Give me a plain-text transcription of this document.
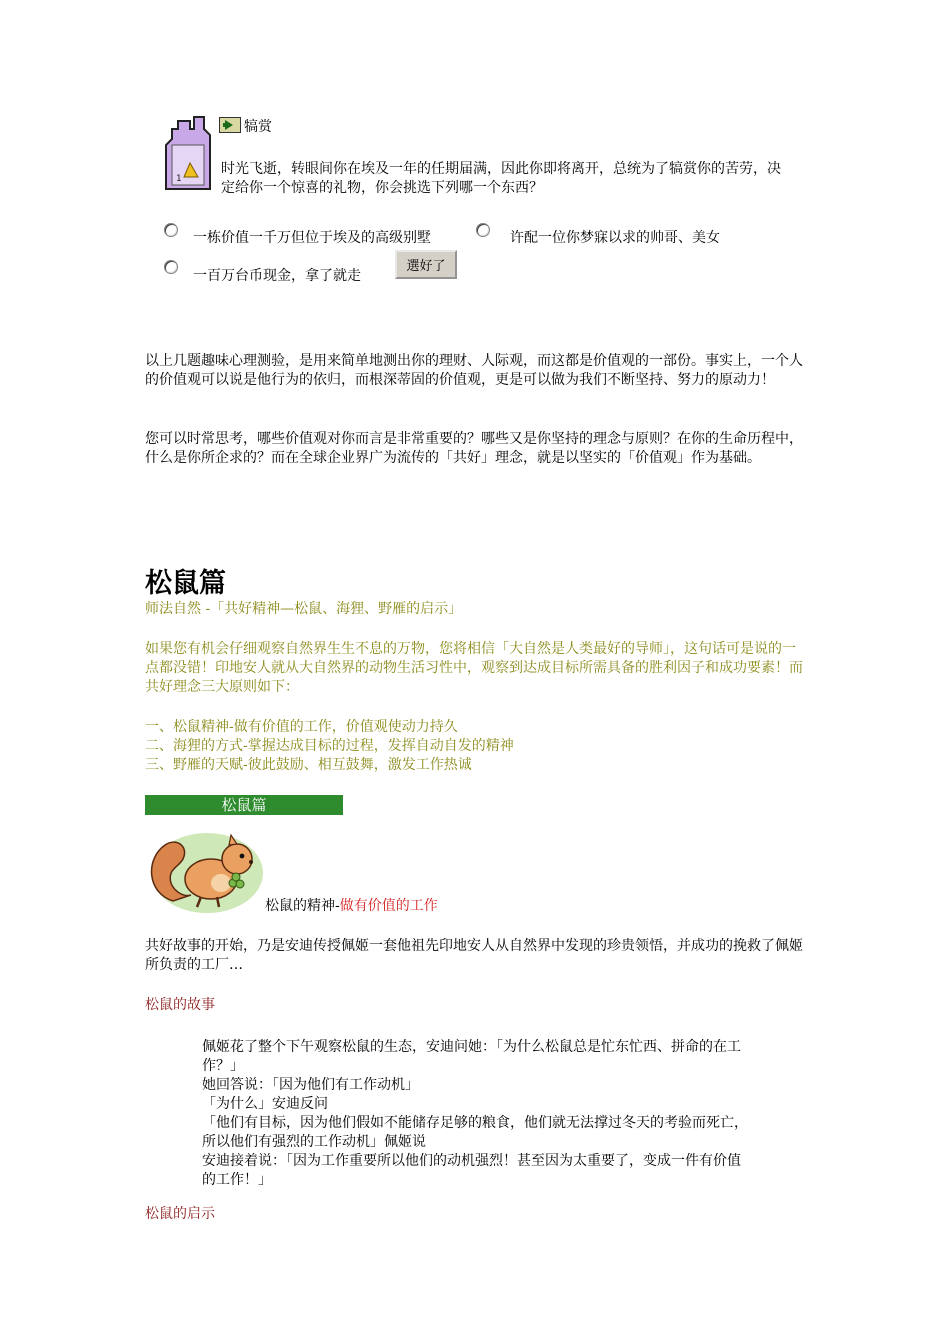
1
犒赏
时光飞逝，转眼间你在埃及一年的任期届满，因此你即将离开，总统为了犒赏你的苦劳，决定给你一个惊喜的礼物，你会挑选下列哪一个东西？
一栋价值一千万但位于埃及的高级别墅	许配一位你梦寐以求的帅哥、美女
一百万台币现金，拿了就走
選好了
以上几题趣味心理测验，是用来简单地测出你的理财、人际观，而这都是价值观的一部份。事实上，一个人的价值观可以说是他行为的依归，而根深蒂固的价值观，更是可以做为我们不断坚持、努力的原动力！
您可以时常思考，哪些价值观对你而言是非常重要的？哪些又是你坚持的理念与原则？在你的生命历程中，什么是你所企求的？而在全球企业界广为流传的「共好」理念，就是以坚实的「价值观」作为基础。
松鼠篇
师法自然 -「共好精神—松鼠、海狸、野雁的启示」
如果您有机会仔细观察自然界生生不息的万物，您将相信「大自然是人类最好的导师」，这句话可是说的一点都没错！印地安人就从大自然界的动物生活习性中，观察到达成目标所需具备的胜利因子和成功要素！而共好理念三大原则如下：
一、松鼠精神-做有价值的工作，价值观使动力持久
二、海狸的方式-掌握达成目标的过程，发挥自动自发的精神
三、野雁的天赋-彼此鼓励、相互鼓舞，激发工作热诚
松鼠篇
松鼠的精神-做有价值的工作
共好故事的开始，乃是安迪传授佩姬一套他祖先印地安人从自然界中发现的珍贵领悟，并成功的挽救了佩姬所负责的工厂…
松鼠的故事
佩姬花了整个下午观察松鼠的生态，安迪问她：「为什么松鼠总是忙东忙西、拼命的在工作？」
她回答说：「因为他们有工作动机」
「为什么」安迪反问
「他们有目标，因为他们假如不能储存足够的粮食，他们就无法撑过冬天的考验而死亡，所以他们有强烈的工作动机」佩姬说
安迪接着说：「因为工作重要所以他们的动机强烈！甚至因为太重要了，变成一件有价值的工作！」
松鼠的启示
